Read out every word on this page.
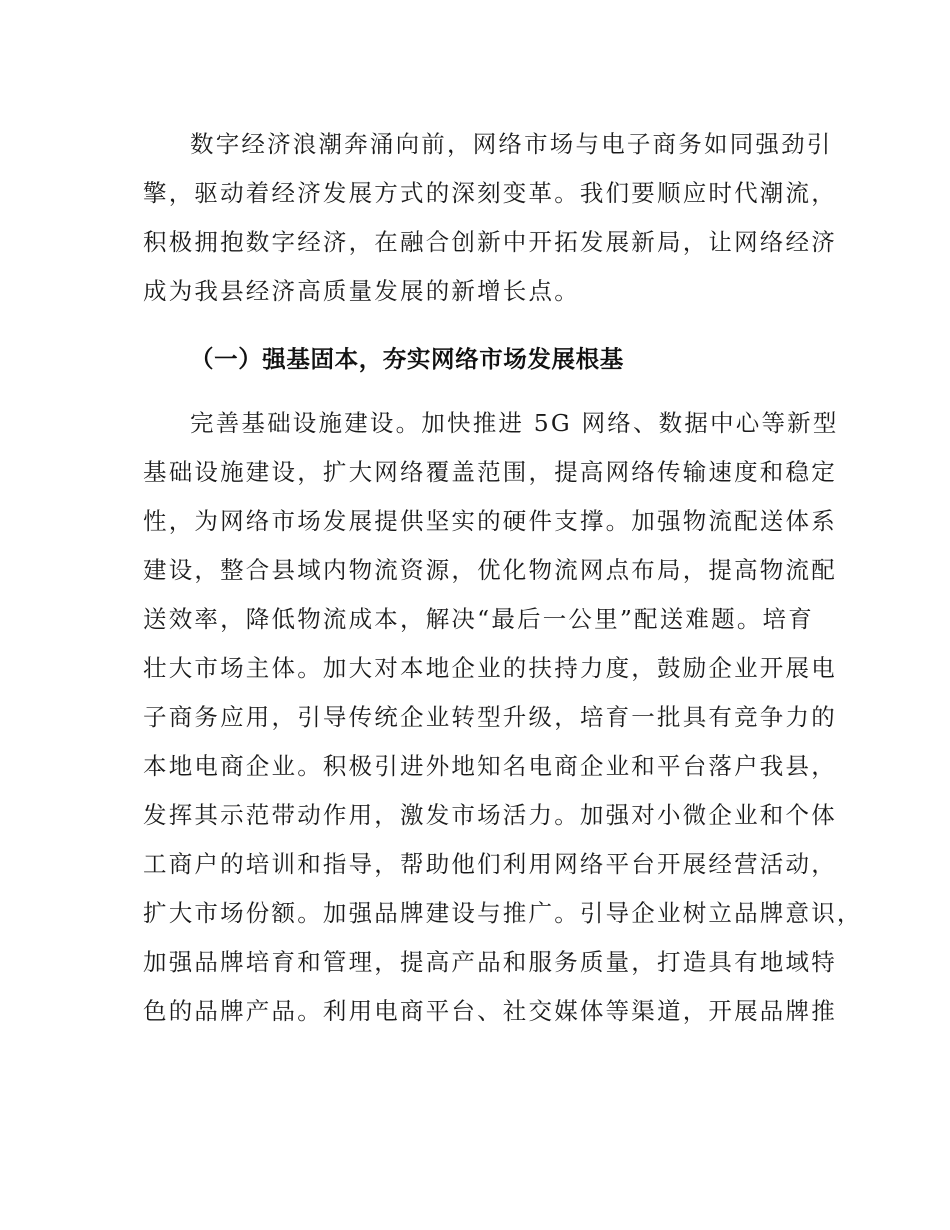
数字经济浪潮奔涌向前，网络市场与电子商务如同强劲引
擎，驱动着经济发展方式的深刻变革。我们要顺应时代潮流，
积极拥抱数字经济，在融合创新中开拓发展新局，让网络经济
成为我县经济高质量发展的新增长点。
（一）强基固本，夯实网络市场发展根基
完善基础设施建设。加快推进 5G 网络、数据中心等新型
基础设施建设，扩大网络覆盖范围，提高网络传输速度和稳定
性，为网络市场发展提供坚实的硬件支撑。加强物流配送体系
建设，整合县域内物流资源，优化物流网点布局，提高物流配
送效率，降低物流成本，解决“最后一公里”配送难题。培育
壮大市场主体。加大对本地企业的扶持力度，鼓励企业开展电
子商务应用，引导传统企业转型升级，培育一批具有竞争力的
本地电商企业。积极引进外地知名电商企业和平台落户我县，
发挥其示范带动作用，激发市场活力。加强对小微企业和个体
工商户的培训和指导，帮助他们利用网络平台开展经营活动，
扩大市场份额。加强品牌建设与推广。引导企业树立品牌意识，
加强品牌培育和管理，提高产品和服务质量，打造具有地域特
色的品牌产品。利用电商平台、社交媒体等渠道，开展品牌推
